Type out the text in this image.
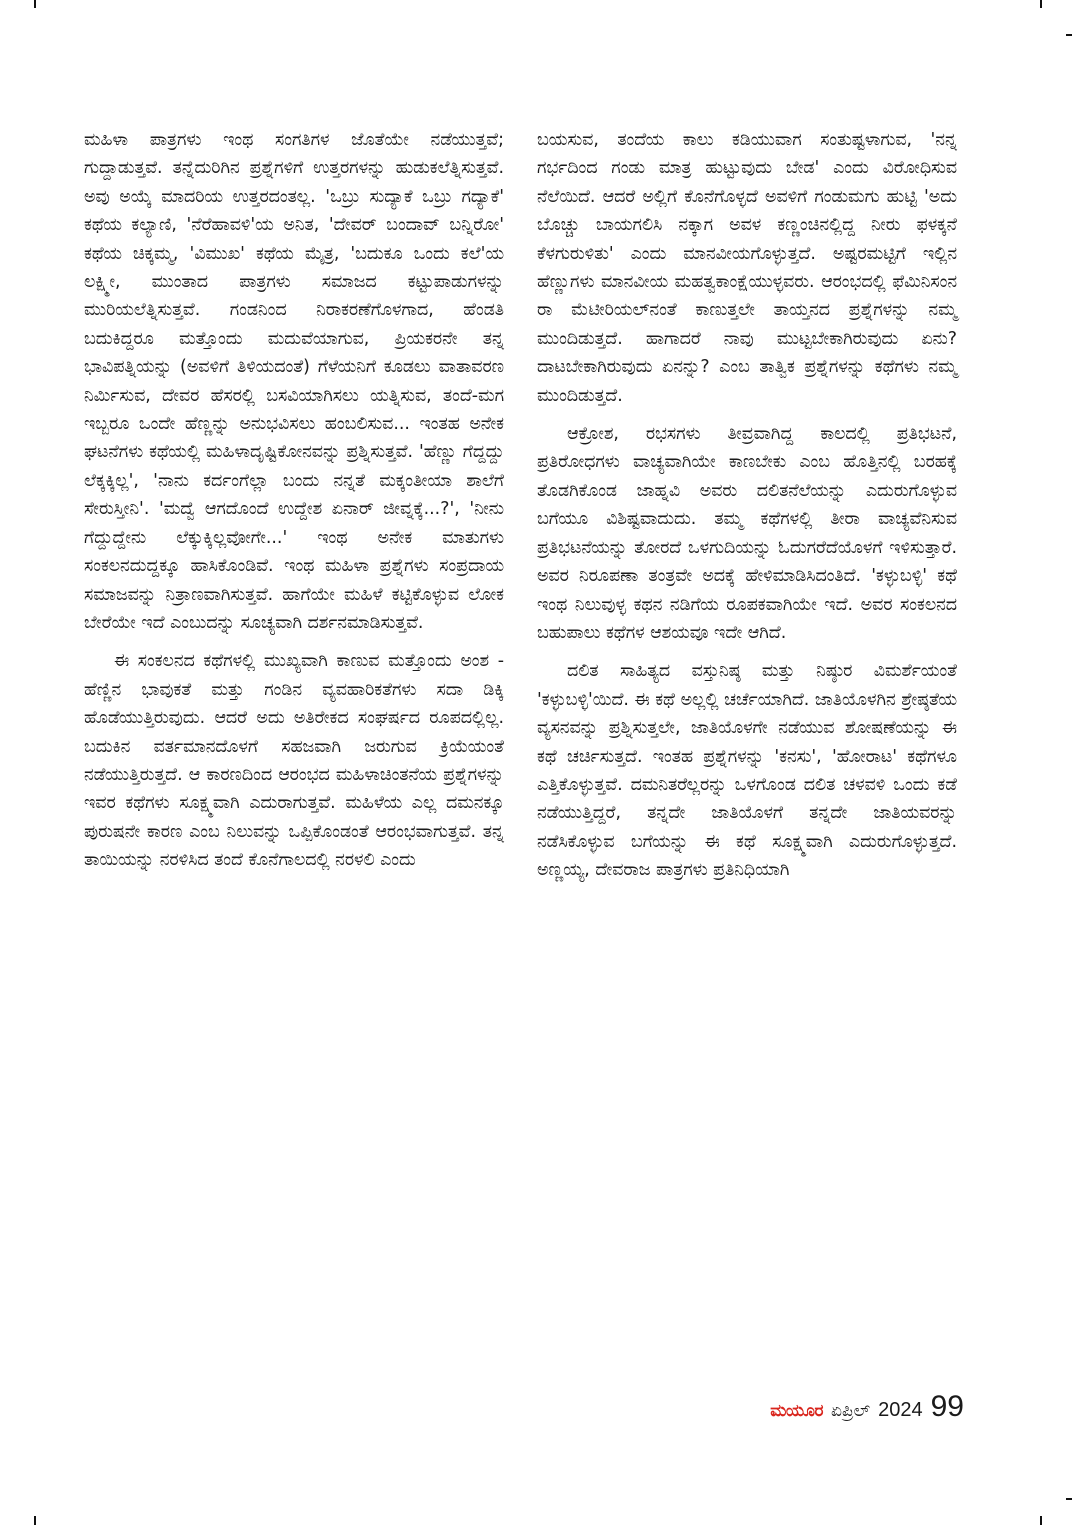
ಮಹಿಳಾ ಪಾತ್ರಗಳು ಇಂಥ ಸಂಗತಿಗಳ ಜೊತೆಯೇ ನಡೆಯುತ್ತವೆ; ಗುದ್ದಾಡುತ್ತವೆ. ತನ್ನೆದುರಿಗಿನ ಪ್ರಶ್ನೆಗಳಿಗೆ ಉತ್ತರಗಳನ್ನು ಹುಡುಕಲೆತ್ನಿಸುತ್ತವೆ. ಅವು ಅಯ್ಕೆ ಮಾದರಿಯ ಉತ್ತರದಂತಲ್ಲ. 'ಒಬ್ರು ಸುದ್ಯಾಕೆ ಒಬ್ರು ಗದ್ಯಾಕೆ' ಕಥೆಯ ಕಲ್ಯಾಣಿ, 'ನೆರೆಹಾವಳಿ'ಯ ಅನಿತ, 'ದೇವರ್ ಬಂದಾವ್ ಬನ್ನಿರೋ' ಕಥೆಯ ಚಿಕ್ಕಮ್ಮ, 'ವಿಮುಖ' ಕಥೆಯ ಮೈತ್ರ, 'ಬದುಕೂ ಒಂದು ಕಲೆ'ಯ ಲಕ್ಷ್ಮೀ, ಮುಂತಾದ ಪಾತ್ರಗಳು ಸಮಾಜದ ಕಟ್ಟುಪಾಡುಗಳನ್ನು ಮುರಿಯಲೆತ್ನಿಸುತ್ತವೆ. ಗಂಡನಿಂದ ನಿರಾಕರಣೆಗೊಳಗಾದ, ಹೆಂಡತಿ ಬದುಕಿದ್ದರೂ ಮತ್ತೊಂದು ಮದುವೆಯಾಗುವ, ಪ್ರಿಯಕರನೇ ತನ್ನ ಭಾವಿಪತ್ನಿಯನ್ನು (ಅವಳಿಗೆ ತಿಳಿಯದಂತೆ) ಗೆಳೆಯನಿಗೆ ಕೂಡಲು ವಾತಾವರಣ ನಿರ್ಮಿಸುವ, ದೇವರ ಹೆಸರಲ್ಲಿ ಬಸವಿಯಾಗಿಸಲು ಯತ್ನಿಸುವ, ತಂದೆ-ಮಗ ಇಬ್ಬರೂ ಒಂದೇ ಹೆಣ್ಣನ್ನು ಅನುಭವಿಸಲು ಹಂಬಲಿಸುವ... ಇಂತಹ ಅನೇಕ ಘಟನೆಗಳು ಕಥೆಯಲ್ಲಿ ಮಹಿಳಾದೃಷ್ಟಿಕೋನವನ್ನು ಪ್ರಶ್ನಿಸುತ್ತವೆ. 'ಹೆಣ್ಣು ಗೆದ್ದದ್ದು ಲೆಕ್ಕಕ್ಕಿಲ್ಲ', 'ನಾನು ಕರ್ದಂಗೆಲ್ಲಾ ಬಂದು ನನ್ನತೆ ಮಕ್ಕಂತೀಯಾ ಶಾಲೆಗೆ ಸೇರುಸ್ತೀನಿ'. 'ಮದ್ವೆ ಆಗದೊಂದೆ ಉದ್ದೇಶ ಏನಾರ್ ಜೀವ್ನಕ್ಕೆ...?', 'ನೀನು ಗೆದ್ದುದ್ದೇನು ಲೆಕ್ಕುಕ್ಕಿಲ್ಲವೋಗೇ...' ಇಂಥ ಅನೇಕ ಮಾತುಗಳು ಸಂಕಲನದುದ್ದಕ್ಕೂ ಹಾಸಿಕೊಂಡಿವೆ. ಇಂಥ ಮಹಿಳಾ ಪ್ರಶ್ನೆಗಳು ಸಂಪ್ರದಾಯ ಸಮಾಜವನ್ನು ನಿತ್ರಾಣವಾಗಿಸುತ್ತವೆ. ಹಾಗೆಯೇ ಮಹಿಳೆ ಕಟ್ಟಿಕೊಳ್ಳುವ ಲೋಕ ಬೇರೆಯೇ ಇದೆ ಎಂಬುದನ್ನು ಸೂಚ್ಯವಾಗಿ ದರ್ಶನಮಾಡಿಸುತ್ತವೆ.

ಈ ಸಂಕಲನದ ಕಥೆಗಳಲ್ಲಿ ಮುಖ್ಯವಾಗಿ ಕಾಣುವ ಮತ್ತೊಂದು ಅಂಶ - ಹೆಣ್ಣಿನ ಭಾವುಕತೆ ಮತ್ತು ಗಂಡಿನ ವ್ಯವಹಾರಿಕತೆಗಳು ಸದಾ ಡಿಕ್ಕಿ ಹೊಡೆಯುತ್ತಿರುವುದು. ಆದರೆ ಅದು ಅತಿರೇಕದ ಸಂಘರ್ಷದ ರೂಪದಲ್ಲಿಲ್ಲ. ಬದುಕಿನ ವರ್ತಮಾನದೊಳಗೆ ಸಹಜವಾಗಿ ಜರುಗುವ ಕ್ರಿಯೆಯಂತೆ ನಡೆಯುತ್ತಿರುತ್ತದೆ. ಆ ಕಾರಣದಿಂದ ಆರಂಭದ ಮಹಿಳಾಚಿಂತನೆಯ ಪ್ರಶ್ನೆಗಳನ್ನು ಇವರ ಕಥೆಗಳು ಸೂಕ್ಷ್ಮವಾಗಿ ಎದುರಾಗುತ್ತವೆ. ಮಹಿಳೆಯ ಎಲ್ಲ ದಮನಕ್ಕೂ ಪುರುಷನೇ ಕಾರಣ ಎಂಬ ನಿಲುವನ್ನು ಒಪ್ಪಿಕೊಂಡಂತೆ ಆರಂಭವಾಗುತ್ತವೆ. ತನ್ನ ತಾಯಿಯನ್ನು ನರಳಿಸಿದ ತಂದೆ ಕೊನೆಗಾಲದಲ್ಲಿ ನರಳಲಿ ಎಂದು

ಬಯಸುವ, ತಂದೆಯ ಕಾಲು ಕಡಿಯುವಾಗ ಸಂತುಷ್ಟಳಾಗುವ, 'ನನ್ನ ಗರ್ಭದಿಂದ ಗಂಡು ಮಾತ್ರ ಹುಟ್ಟುವುದು ಬೇಡ' ಎಂದು ವಿರೋಧಿಸುವ ನೆಲೆಯಿದೆ. ಆದರೆ ಅಲ್ಲಿಗೆ ಕೊನೆಗೊಳ್ಳದೆ ಅವಳಿಗೆ ಗಂಡುಮಗು ಹುಟ್ಟಿ 'ಅದು ಬೊಚ್ಚು ಬಾಯಗಲಿಸಿ ನಕ್ಕಾಗ ಅವಳ ಕಣ್ಣಂಚಿನಲ್ಲಿದ್ದ ನೀರು ಫಳಕ್ಕನೆ ಕೆಳಗುರುಳಿತು' ಎಂದು ಮಾನವೀಯಗೊಳ್ಳುತ್ತದೆ. ಅಷ್ಟರಮಟ್ಟಿಗೆ ಇಲ್ಲಿನ ಹೆಣ್ಣುಗಳು ಮಾನವೀಯ ಮಹತ್ವಕಾಂಕ್ಷೆಯುಳ್ಳವರು. ಆರಂಭದಲ್ಲಿ ಫೆಮಿನಿಸಂನ ರಾ ಮೆಟೀರಿಯಲ್‌ನಂತೆ ಕಾಣುತ್ತಲೇ ತಾಯ್ತನದ ಪ್ರಶ್ನೆಗಳನ್ನು ನಮ್ಮ ಮುಂದಿಡುತ್ತದೆ. ಹಾಗಾದರೆ ನಾವು ಮುಟ್ಟಬೇಕಾಗಿರುವುದು ಏನು? ದಾಟಬೇಕಾಗಿರುವುದು ಏನನ್ನು? ಎಂಬ ತಾತ್ವಿಕ ಪ್ರಶ್ನೆಗಳನ್ನು ಕಥೆಗಳು ನಮ್ಮ ಮುಂದಿಡುತ್ತದೆ.

ಆಕ್ರೋಶ, ರಭಸಗಳು ತೀವ್ರವಾಗಿದ್ದ ಕಾಲದಲ್ಲಿ ಪ್ರತಿಭಟನೆ, ಪ್ರತಿರೋಧಗಳು ವಾಚ್ಯವಾಗಿಯೇ ಕಾಣಬೇಕು ಎಂಬ ಹೊತ್ತಿನಲ್ಲಿ ಬರಹಕ್ಕೆ ತೊಡಗಿಕೊಂಡ ಜಾಹ್ನವಿ ಅವರು ದಲಿತನೆಲೆಯನ್ನು ಎದುರುಗೊಳ್ಳುವ ಬಗೆಯೂ ವಿಶಿಷ್ಟವಾದುದು. ತಮ್ಮ ಕಥೆಗಳಲ್ಲಿ ತೀರಾ ವಾಚ್ಯವೆನಿಸುವ ಪ್ರತಿಭಟನೆಯನ್ನು ತೋರದೆ ಒಳಗುದಿಯನ್ನು ಓದುಗರೆದೆಯೊಳಗೆ ಇಳಿಸುತ್ತಾರೆ. ಅವರ ನಿರೂಪಣಾ ತಂತ್ರವೇ ಅದಕ್ಕೆ ಹೇಳಿಮಾಡಿಸಿದಂತಿದೆ. 'ಕಳ್ಳುಬಳ್ಳಿ' ಕಥೆ ಇಂಥ ನಿಲುವುಳ್ಳ ಕಥನ ನಡಿಗೆಯ ರೂಪಕವಾಗಿಯೇ ಇದೆ. ಅವರ ಸಂಕಲನದ ಬಹುಪಾಲು ಕಥೆಗಳ ಆಶಯವೂ ಇದೇ ಆಗಿದೆ.

ದಲಿತ ಸಾಹಿತ್ಯದ ವಸ್ತುನಿಷ್ಠ ಮತ್ತು ನಿಷ್ಠುರ ವಿಮರ್ಶೆಯಂತೆ 'ಕಳ್ಳುಬಳ್ಳಿ'ಯಿದೆ. ಈ ಕಥೆ ಅಲ್ಲಲ್ಲಿ ಚರ್ಚೆಯಾಗಿದೆ. ಜಾತಿಯೊಳಗಿನ ಶ್ರೇಷ್ಠತೆಯ ವ್ಯಸನವನ್ನು ಪ್ರಶ್ನಿಸುತ್ತಲೇ, ಜಾತಿಯೊಳಗೇ ನಡೆಯುವ ಶೋಷಣೆಯನ್ನು ಈ ಕಥೆ ಚರ್ಚಿಸುತ್ತದೆ. ಇಂತಹ ಪ್ರಶ್ನೆಗಳನ್ನು 'ಕನಸು', 'ಹೋರಾಟ' ಕಥೆಗಳೂ ಎತ್ತಿಕೊಳ್ಳುತ್ತವೆ. ದಮನಿತರೆಲ್ಲರನ್ನು ಒಳಗೊಂಡ ದಲಿತ ಚಳವಳಿ ಒಂದು ಕಡೆ ನಡೆಯುತ್ತಿದ್ದರೆ, ತನ್ನದೇ ಜಾತಿಯೊಳಗೆ ತನ್ನದೇ ಜಾತಿಯವರನ್ನು ನಡೆಸಿಕೊಳ್ಳುವ ಬಗೆಯನ್ನು ಈ ಕಥೆ ಸೂಕ್ಷ್ಮವಾಗಿ ಎದುರುಗೊಳ್ಳುತ್ತದೆ. ಅಣ್ಣಯ್ಯ, ದೇವರಾಜ ಪಾತ್ರಗಳು ಪ್ರತಿನಿಧಿಯಾಗಿ

ಮಯೂರ ಏಪ್ರಿಲ್ 2024 99
